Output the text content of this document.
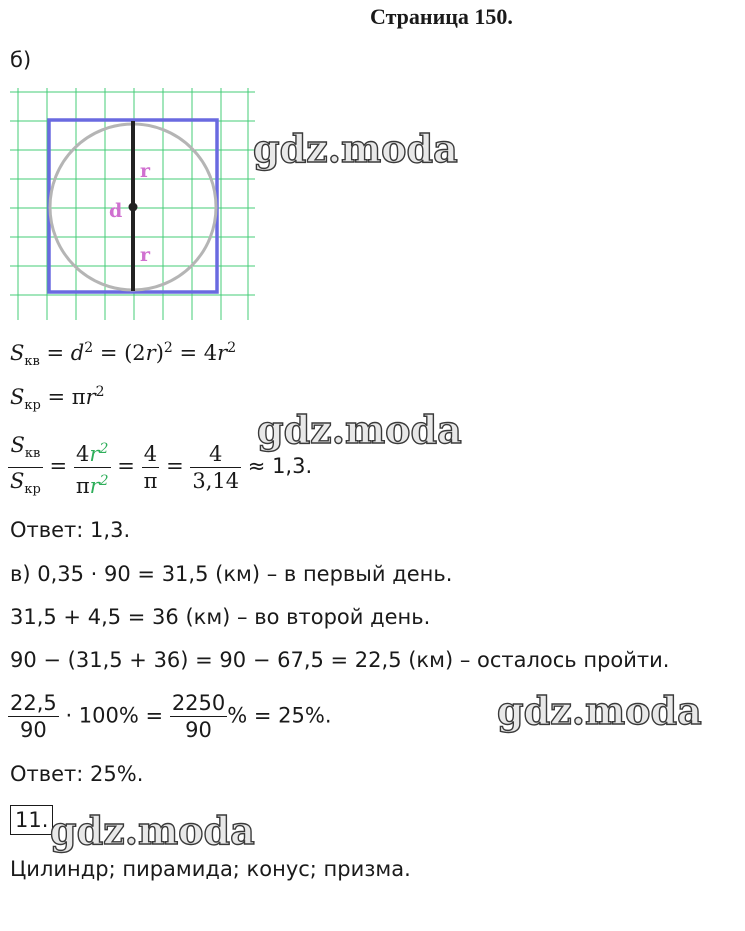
Страница 150.
б)
r
d
r
gdz.moda
$S_{кв} = d^2 = (2r)^2 = 4r^2$
$S_{кр} = \pi r^2$
gdz.moda
$\frac{S_{кв}}{S_{кр}} = \frac{4r^2}{\pi r^2} = \frac{4}{\pi} = \frac{4}{3,14} \approx 1,3$.
Ответ: 1,3.
в) 0,35 · 90 = 31,5 (км) – в первый день.
31,5 + 4,5 = 36 (км) – во второй день.
90 − (31,5 + 36) = 90 − 67,5 = 22,5 (км) – осталось пройти.
$\frac{22,5}{90} \cdot 100\% = \frac{2250}{90}$ % = 25%.	gdz.moda
Ответ: 25%.
11. gdz.moda
Цилиндр; пирамида; конус; призма.
